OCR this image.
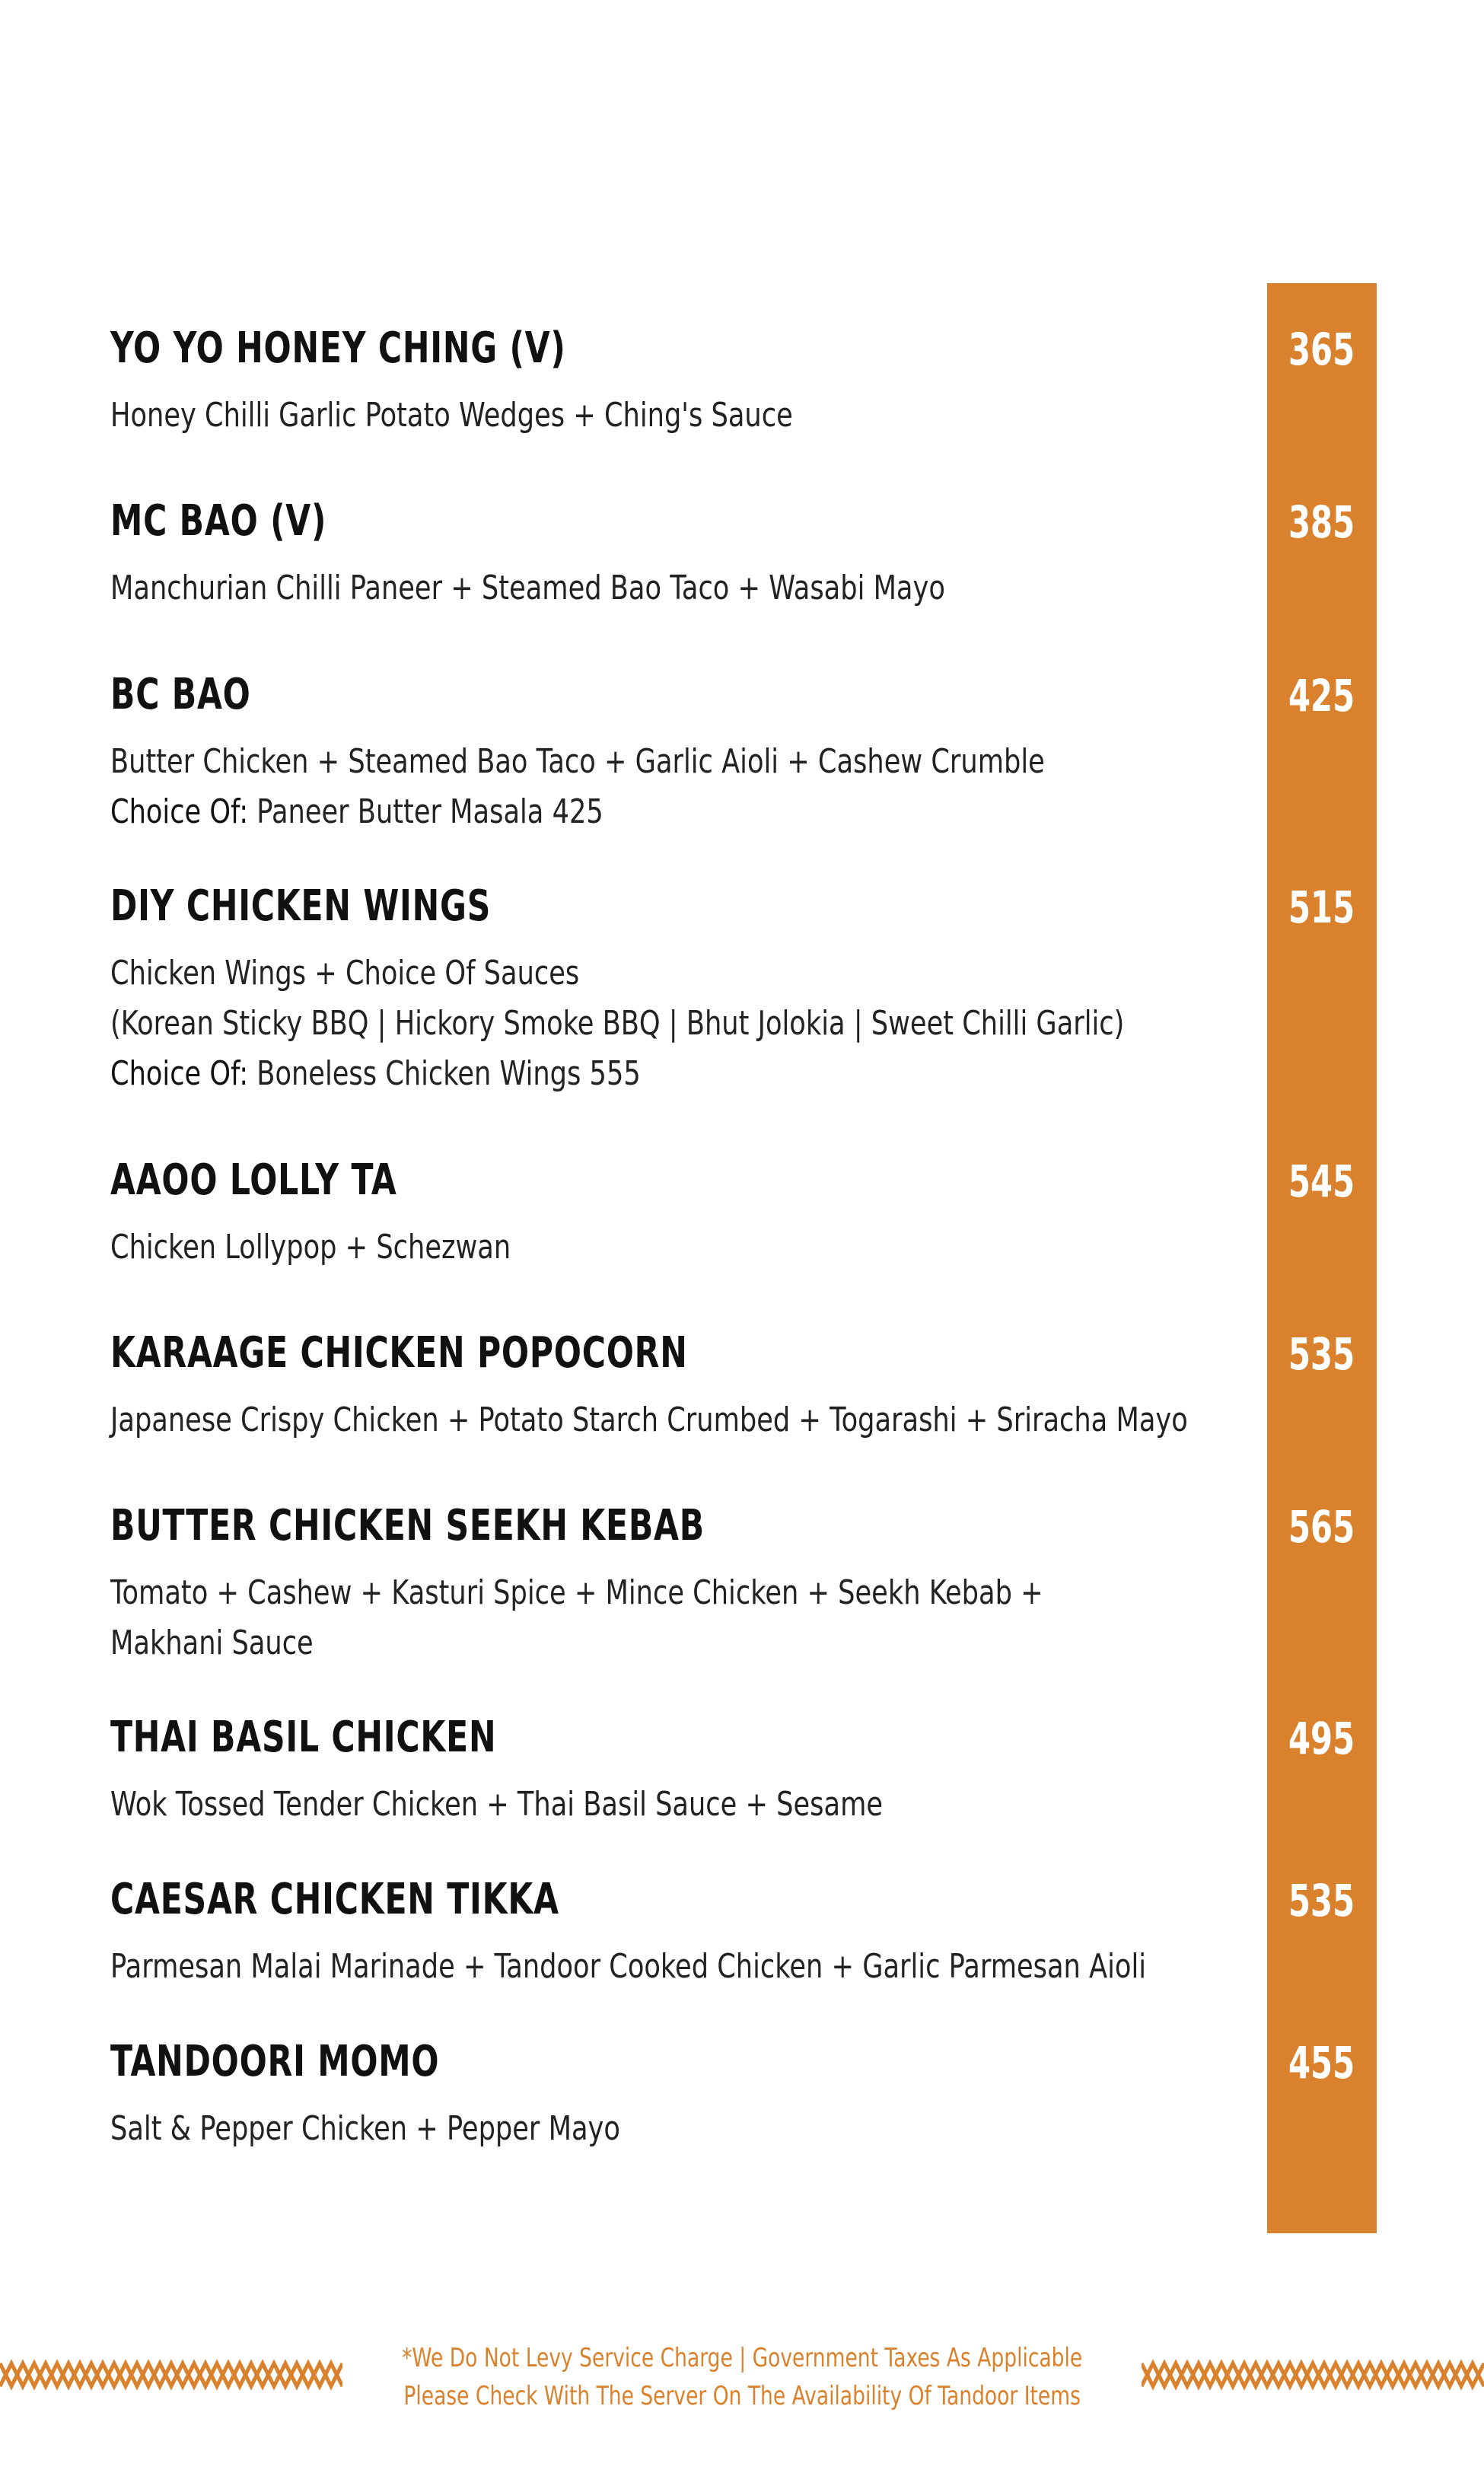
YO YO HONEY CHING (V)	365
Honey Chilli Garlic Potato Wedges + Ching's Sauce
MC BAO (V)	385
Manchurian Chilli Paneer + Steamed Bao Taco + Wasabi Mayo
BC BAO	425
Butter Chicken + Steamed Bao Taco + Garlic Aioli + Cashew Crumble
Choice Of: Paneer Butter Masala 425
DIY CHICKEN WINGS	515
Chicken Wings + Choice Of Sauces
(Korean Sticky BBQ | Hickory Smoke BBQ | Bhut Jolokia | Sweet Chilli Garlic)
Choice Of: Boneless Chicken Wings 555
AAOO LOLLY TA	545
Chicken Lollypop + Schezwan
KARAAGE CHICKEN POPOCORN	535
Japanese Crispy Chicken + Potato Starch Crumbed + Togarashi + Sriracha Mayo
BUTTER CHICKEN SEEKH KEBAB	565
Tomato + Cashew + Kasturi Spice + Mince Chicken + Seekh Kebab +
Makhani Sauce
THAI BASIL CHICKEN	495
Wok Tossed Tender Chicken + Thai Basil Sauce + Sesame
CAESAR CHICKEN TIKKA	535
Parmesan Malai Marinade + Tandoor Cooked Chicken + Garlic Parmesan Aioli
TANDOORI MOMO	455
Salt & Pepper Chicken + Pepper Mayo
*We Do Not Levy Service Charge | Government Taxes As Applicable
Please Check With The Server On The Availability Of Tandoor Items
